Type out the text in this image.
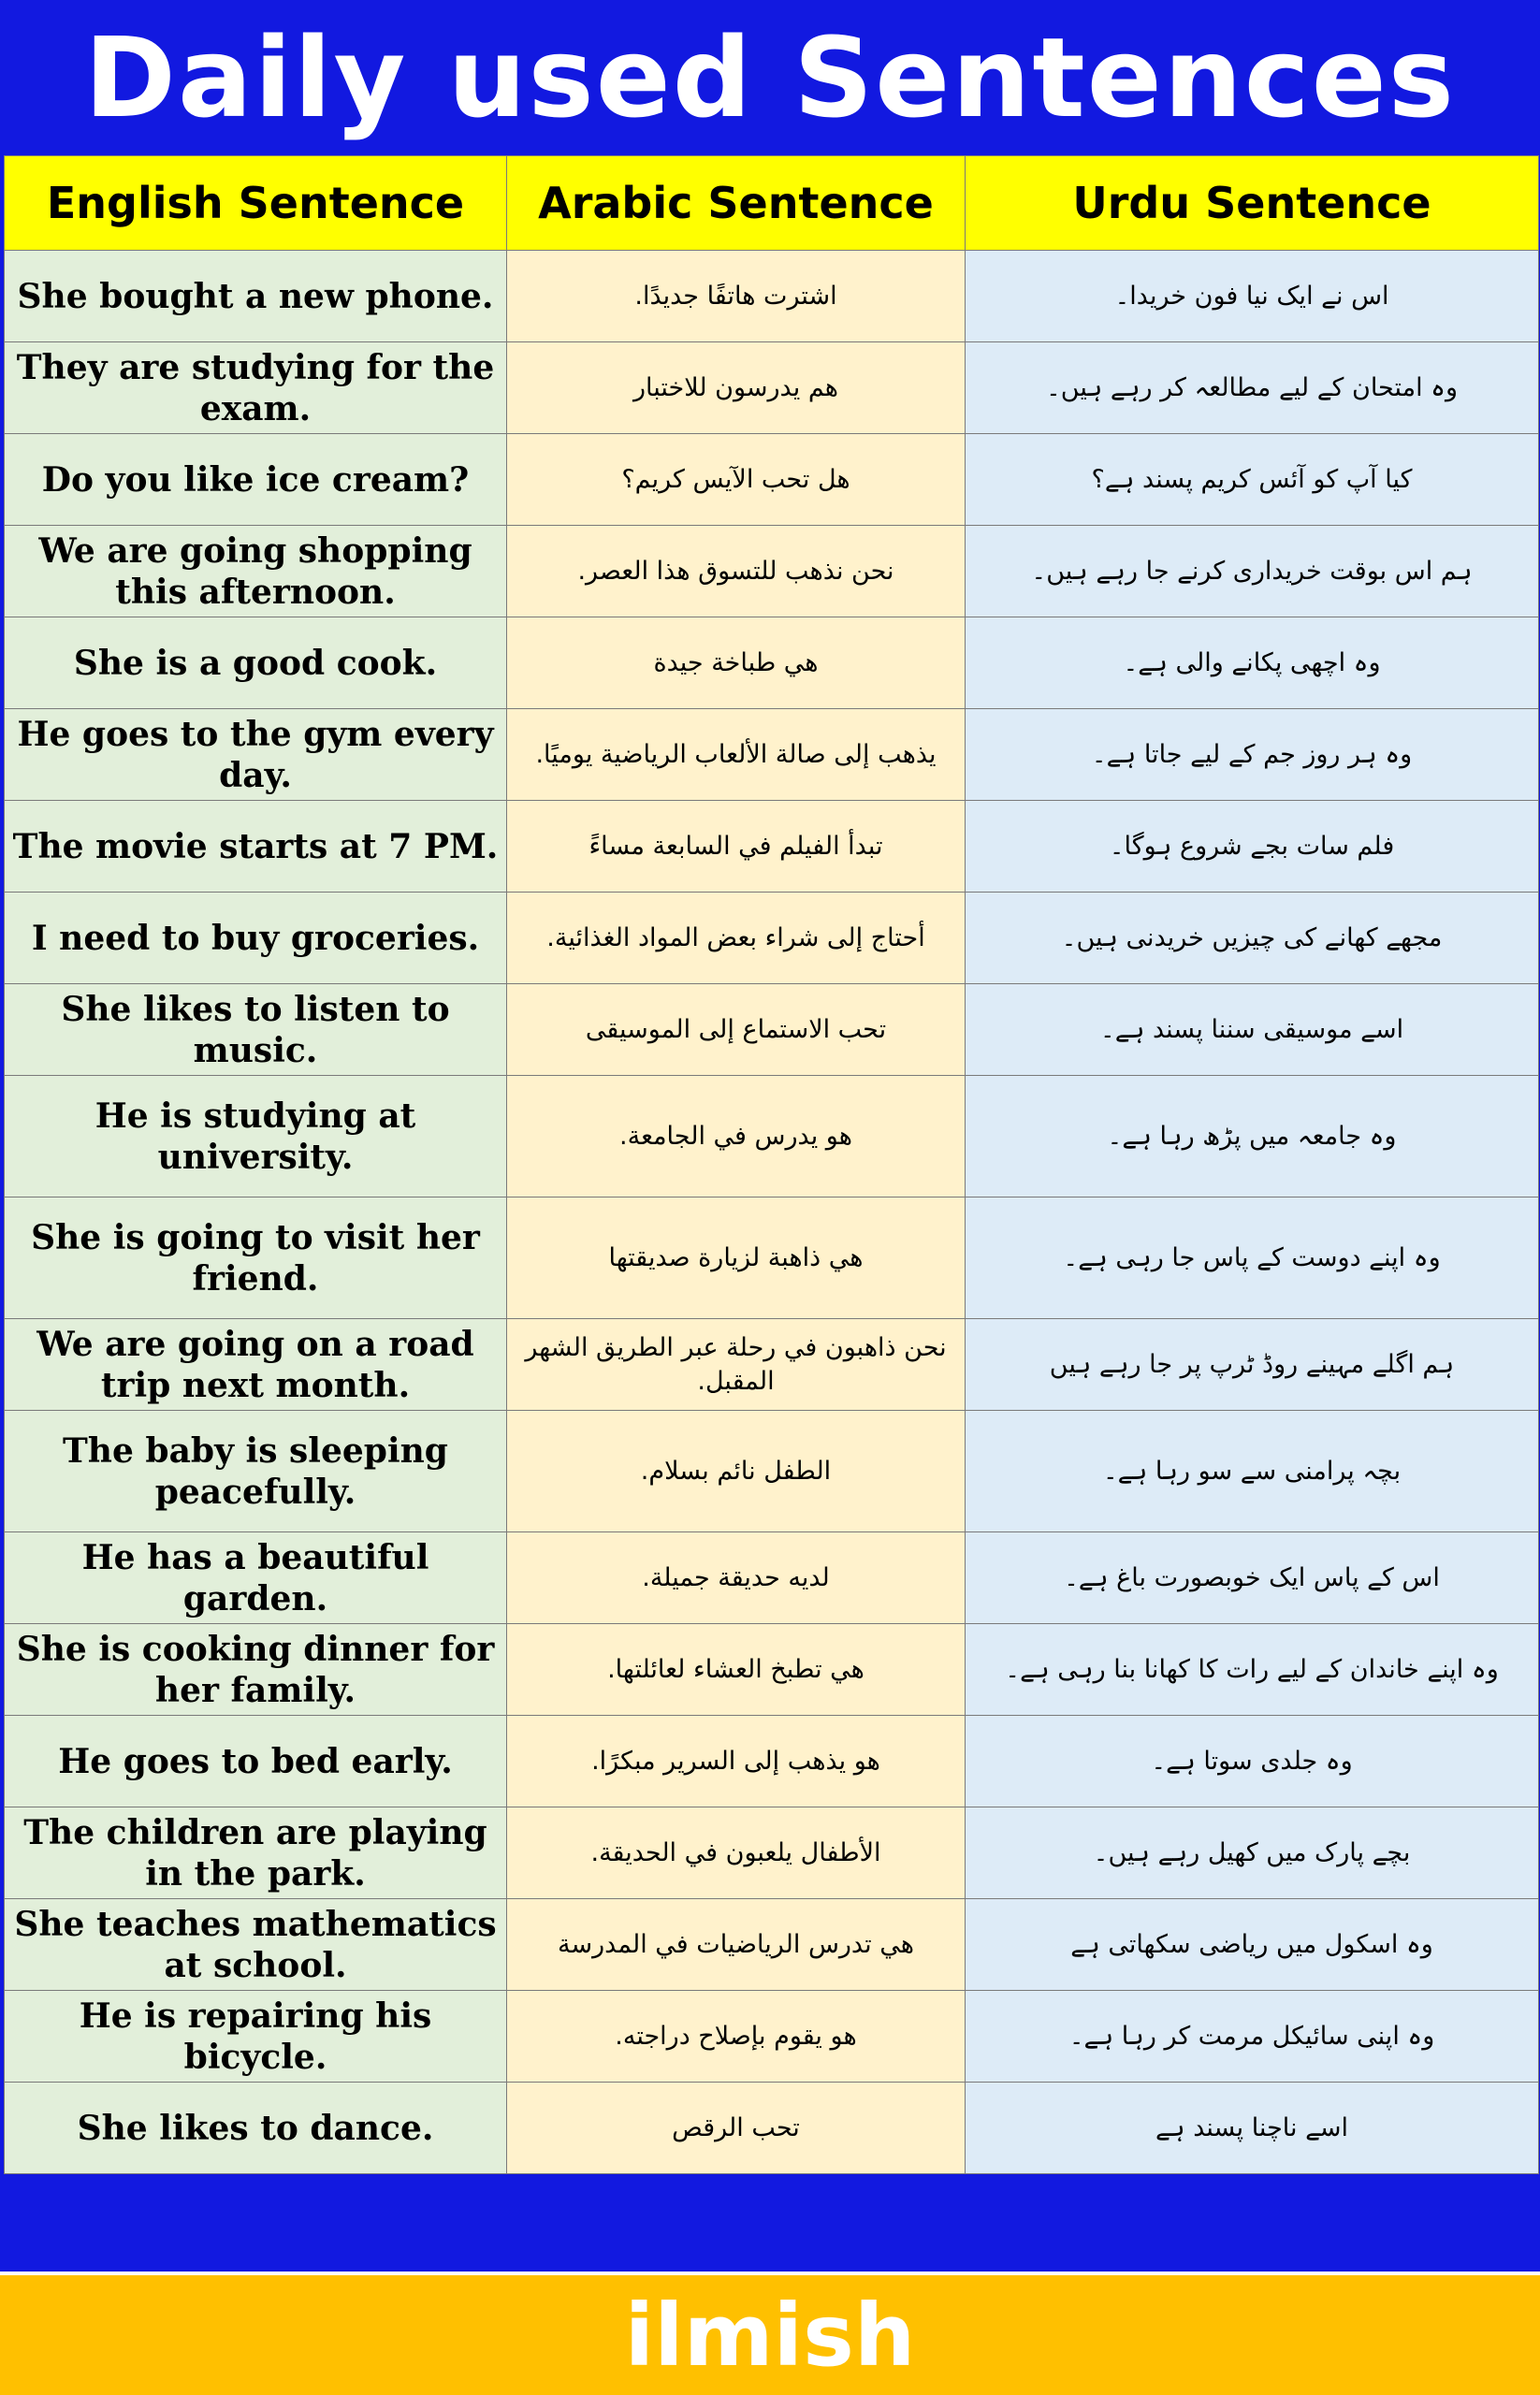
Daily used Sentences
English Sentence	Arabic Sentence	Urdu Sentence
She bought a new phone.	اشترت هاتفًا جديدًا.	اس نے ایک نیا فون خریدا۔
They are studying for the exam.	هم يدرسون للاختبار	وہ امتحان کے لیے مطالعہ کر رہے ہیں۔
Do you like ice cream?	هل تحب الآيس كريم؟	کیا آپ کو آئس کریم پسند ہے؟
We are going shopping this afternoon.	نحن نذهب للتسوق هذا العصر.	ہم اس بوقت خریداری کرنے جا رہے ہیں۔
She is a good cook.	هي طباخة جيدة	وہ اچھی پکانے والی ہے۔
He goes to the gym every day.	يذهب إلى صالة الألعاب الرياضية يوميًا.	وہ ہر روز جم کے لیے جاتا ہے۔
The movie starts at 7 PM.	تبدأ الفيلم في السابعة مساءً	فلم سات بجے شروع ہوگا۔
I need to buy groceries.	أحتاج إلى شراء بعض المواد الغذائية.	مجھے کھانے کی چیزیں خریدنی ہیں۔
She likes to listen to music.	تحب الاستماع إلى الموسيقى	اسے موسیقی سننا پسند ہے۔
He is studying at university.	هو يدرس في الجامعة.	وہ جامعہ میں پڑھ رہا ہے۔
She is going to visit her friend.	هي ذاهبة لزيارة صديقتها	وہ اپنے دوست کے پاس جا رہی ہے۔
We are going on a road trip next month.	نحن ذاهبون في رحلة عبر الطريق الشهر المقبل.	ہم اگلے مہینے روڈ ٹرپ پر جا رہے ہیں
The baby is sleeping peacefully.	الطفل نائم بسلام.	بچہ پرامنی سے سو رہا ہے۔
He has a beautiful garden.	لديه حديقة جميلة.	اس کے پاس ایک خوبصورت باغ ہے۔
She is cooking dinner for her family.	هي تطبخ العشاء لعائلتها.	وہ اپنے خاندان کے لیے رات کا کھانا بنا رہی ہے۔
He goes to bed early.	هو يذهب إلى السرير مبكرًا.	وہ جلدی سوتا ہے۔
The children are playing in the park.	الأطفال يلعبون في الحديقة.	بچے پارک میں کھیل رہے ہیں۔
She teaches mathematics at school.	هي تدرس الرياضيات في المدرسة	وہ اسکول میں ریاضی سکھاتی ہے
He is repairing his bicycle.	هو يقوم بإصلاح دراجته.	وہ اپنی سائیکل مرمت کر رہا ہے۔
She likes to dance.	تحب الرقص	اسے ناچنا پسند ہے
ilmish
